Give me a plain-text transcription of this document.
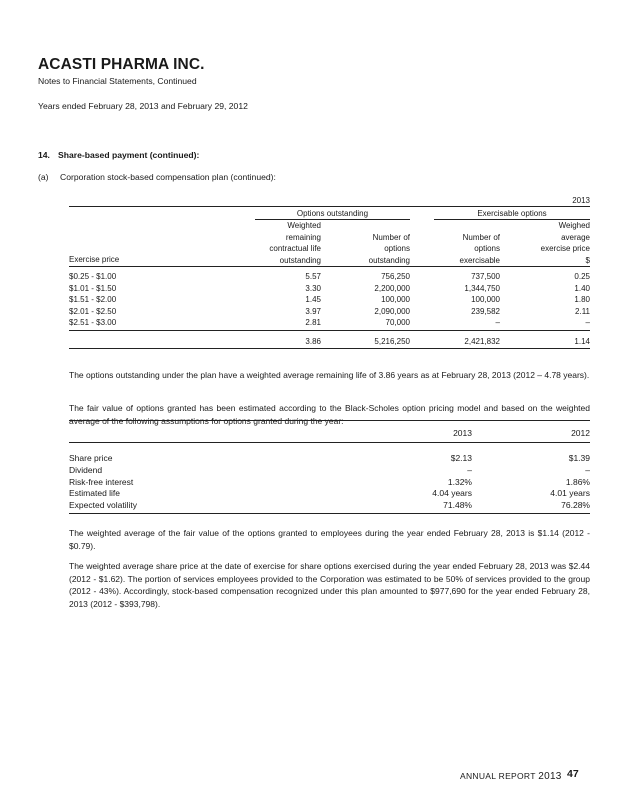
ACASTI PHARMA INC.
Notes to Financial Statements, Continued
Years ended February 28, 2013 and February 29, 2012
14. Share-based payment (continued):
(a) Corporation stock-based compensation plan (continued):
2013
Options outstanding	Exercisable options
Weighted
remaining
contractual life
outstanding
Number of
options
outstanding
Number of
options
exercisable
Weighed
average
exercise price
$
Exercise price
$0.25 - $1.00	5.57	756,250	737,500	0.25
$1.01 - $1.50	3.30	2,200,000	1,344,750	1.40
$1.51 - $2.00	1.45	100,000	100,000	1.80
$2.01 - $2.50	3.97	2,090,000	239,582	2.11
$2.51 - $3.00	2.81	70,000	–	–
3.86	5,216,250	2,421,832	1.14
The options outstanding under the plan have a weighted average remaining life of 3.86 years as at February 28, 2013 (2012 – 4.78 years).
The fair value of options granted has been estimated according to the Black-Scholes option pricing model and based on the weighted average of the following assumptions for options granted during the year:
2013	2012
Share price	$2.13	$1.39
Dividend	–	–
Risk-free interest	1.32%	1.86%
Estimated life	4.04 years	4.01 years
Expected volatility	71.48%	76.28%
The weighted average of the fair value of the options granted to employees during the year ended February 28, 2013 is $1.14 (2012 - $0.79).
The weighted average share price at the date of exercise for share options exercised during the year ended February 28, 2013 was $2.44 (2012 - $1.62). The portion of services employees provided to the Corporation was estimated to be 50% of services provided to the group (2012 - 43%). Accordingly, stock-based compensation recognized under this plan amounted to $977,690 for the year ended February 28, 2013 (2012 - $393,798).
ANNUAL REPORT 2013 47
